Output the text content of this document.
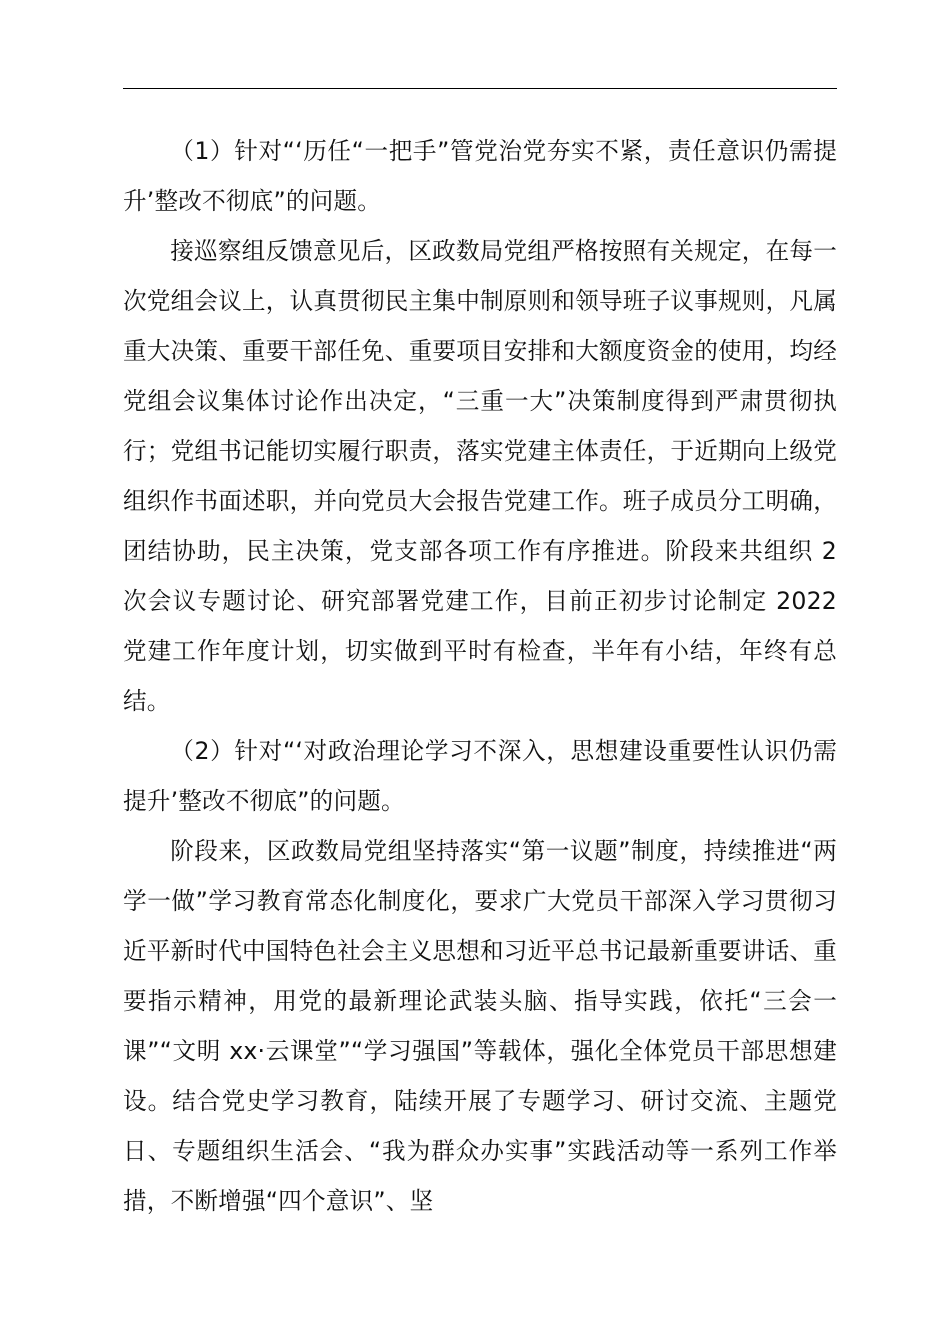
（1）针对“‘历任“一把手”管党治党夯实不紧，责任意识仍需提升’整改不彻底”的问题。

接巡察组反馈意见后，区政数局党组严格按照有关规定，在每一次党组会议上，认真贯彻民主集中制原则和领导班子议事规则，凡属重大决策、重要干部任免、重要项目安排和大额度资金的使用，均经党组会议集体讨论作出决定，“三重一大”决策制度得到严肃贯彻执行；党组书记能切实履行职责，落实党建主体责任，于近期向上级党组织作书面述职，并向党员大会报告党建工作。班子成员分工明确，团结协助，民主决策，党支部各项工作有序推进。阶段来共组织 2 次会议专题讨论、研究部署党建工作，目前正初步讨论制定 2022 党建工作年度计划，切实做到平时有检查，半年有小结，年终有总结。

（2）针对“‘对政治理论学习不深入，思想建设重要性认识仍需提升’整改不彻底”的问题。

阶段来，区政数局党组坚持落实“第一议题”制度，持续推进“两学一做”学习教育常态化制度化，要求广大党员干部深入学习贯彻习近平新时代中国特色社会主义思想和习近平总书记最新重要讲话、重要指示精神，用党的最新理论武装头脑、指导实践，依托“三会一课”“文明 xx·云课堂”“学习强国”等载体，强化全体党员干部思想建设。结合党史学习教育，陆续开展了专题学习、研讨交流、主题党日、专题组织生活会、“我为群众办实事”实践活动等一系列工作举措，不断增强“四个意识”、坚
